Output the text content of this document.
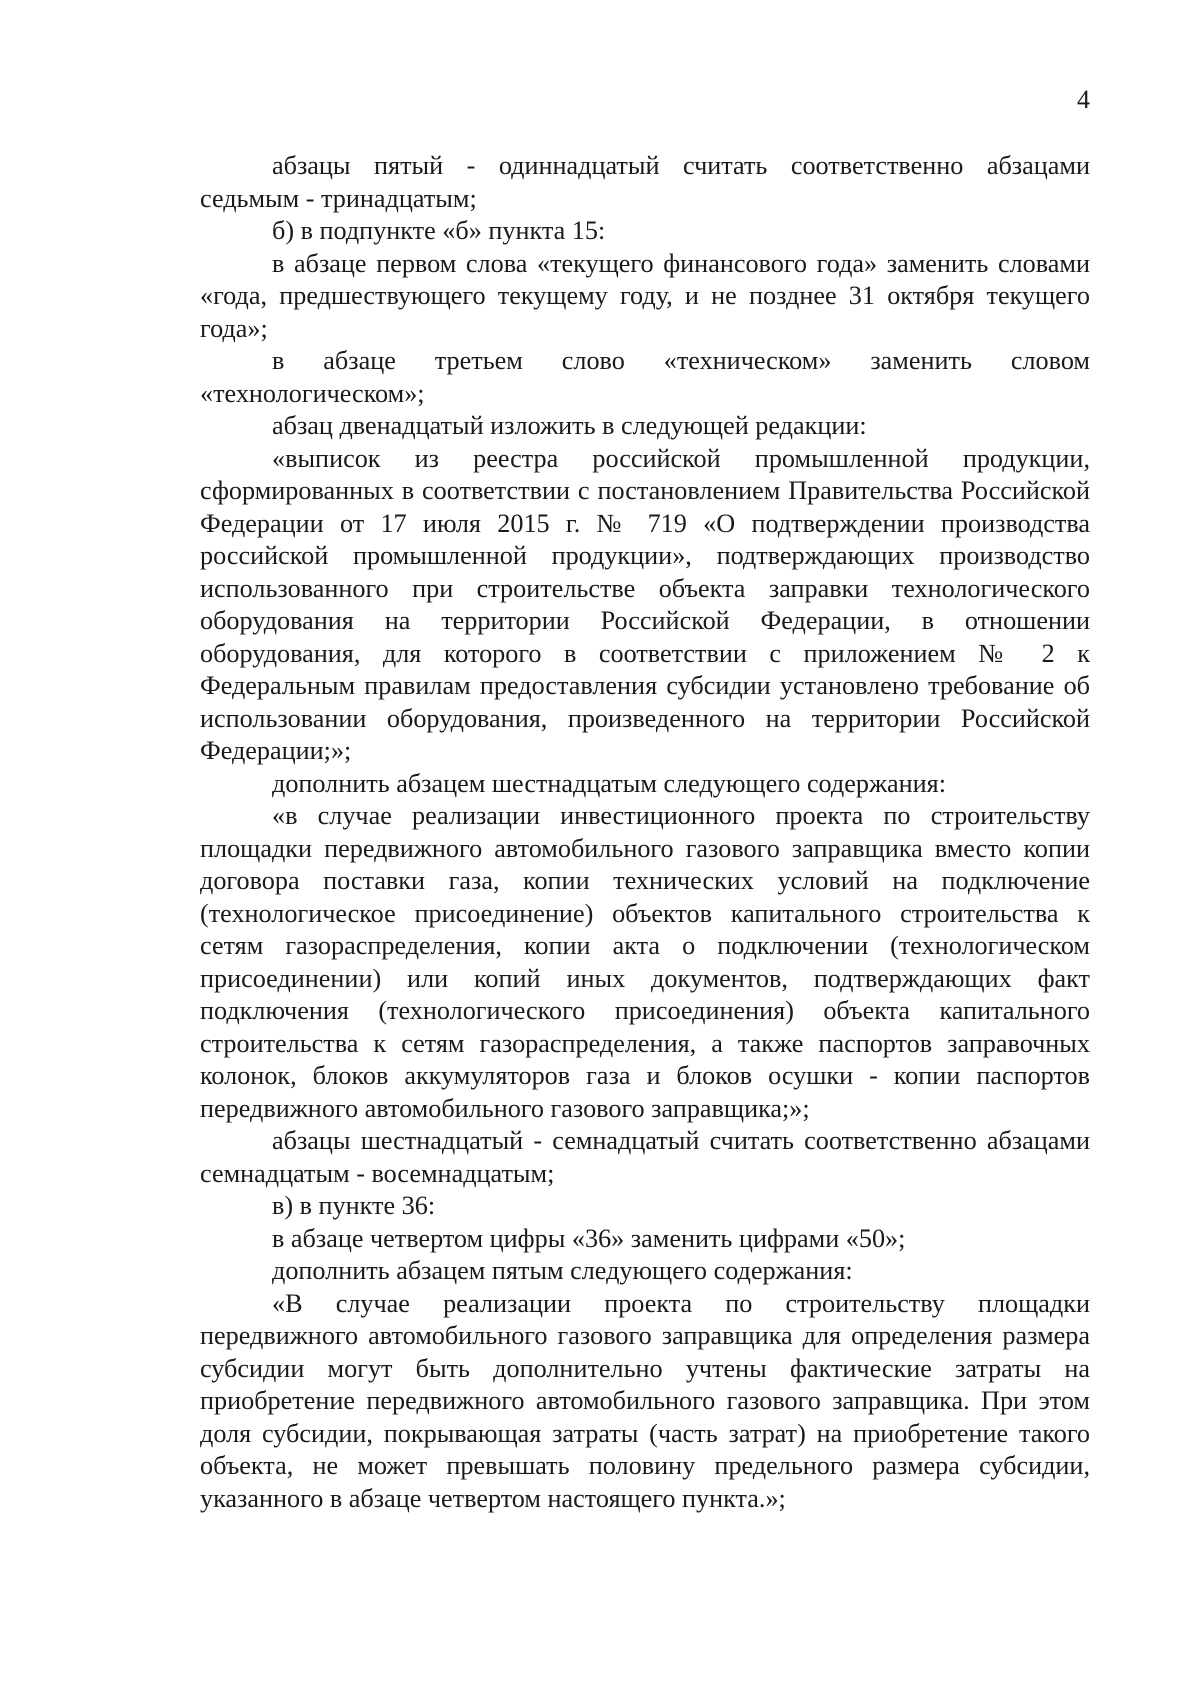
4

абзацы пятый - одиннадцатый считать соответственно абзацами седьмым - тринадцатым;

б) в подпункте «б» пункта 15:

в абзаце первом слова «текущего финансового года» заменить словами «года, предшествующего текущему году, и не позднее 31 октября текущего года»;

в абзаце третьем слово «техническом» заменить словом «технологическом»;

абзац двенадцатый изложить в следующей редакции:

«выписок из реестра российской промышленной продукции, сформированных в соответствии с постановлением Правительства Российской Федерации от 17 июля 2015 г. № 719 «О подтверждении производства российской промышленной продукции», подтверждающих производство использованного при строительстве объекта заправки технологического оборудования на территории Российской Федерации, в отношении оборудования, для которого в соответствии с приложением № 2 к Федеральным правилам предоставления субсидии установлено требование об использовании оборудования, произведенного на территории Российской Федерации;»;

дополнить абзацем шестнадцатым следующего содержания:

«в случае реализации инвестиционного проекта по строительству площадки передвижного автомобильного газового заправщика вместо копии договора поставки газа, копии технических условий на подключение (технологическое присоединение) объектов капитального строительства к сетям газораспределения, копии акта о подключении (технологическом присоединении) или копий иных документов, подтверждающих факт подключения (технологического присоединения) объекта капитального строительства к сетям газораспределения, а также паспортов заправочных колонок, блоков аккумуляторов газа и блоков осушки - копии паспортов передвижного автомобильного газового заправщика;»;

абзацы шестнадцатый - семнадцатый считать соответственно абзацами семнадцатым - восемнадцатым;

в) в пункте 36:

в абзаце четвертом цифры «36» заменить цифрами «50»;

дополнить абзацем пятым следующего содержания:

«В случае реализации проекта по строительству площадки передвижного автомобильного газового заправщика для определения размера субсидии могут быть дополнительно учтены фактические затраты на приобретение передвижного автомобильного газового заправщика. При этом доля субсидии, покрывающая затраты (часть затрат) на приобретение такого объекта, не может превышать половину предельного размера субсидии, указанного в абзаце четвертом настоящего пункта.»;
